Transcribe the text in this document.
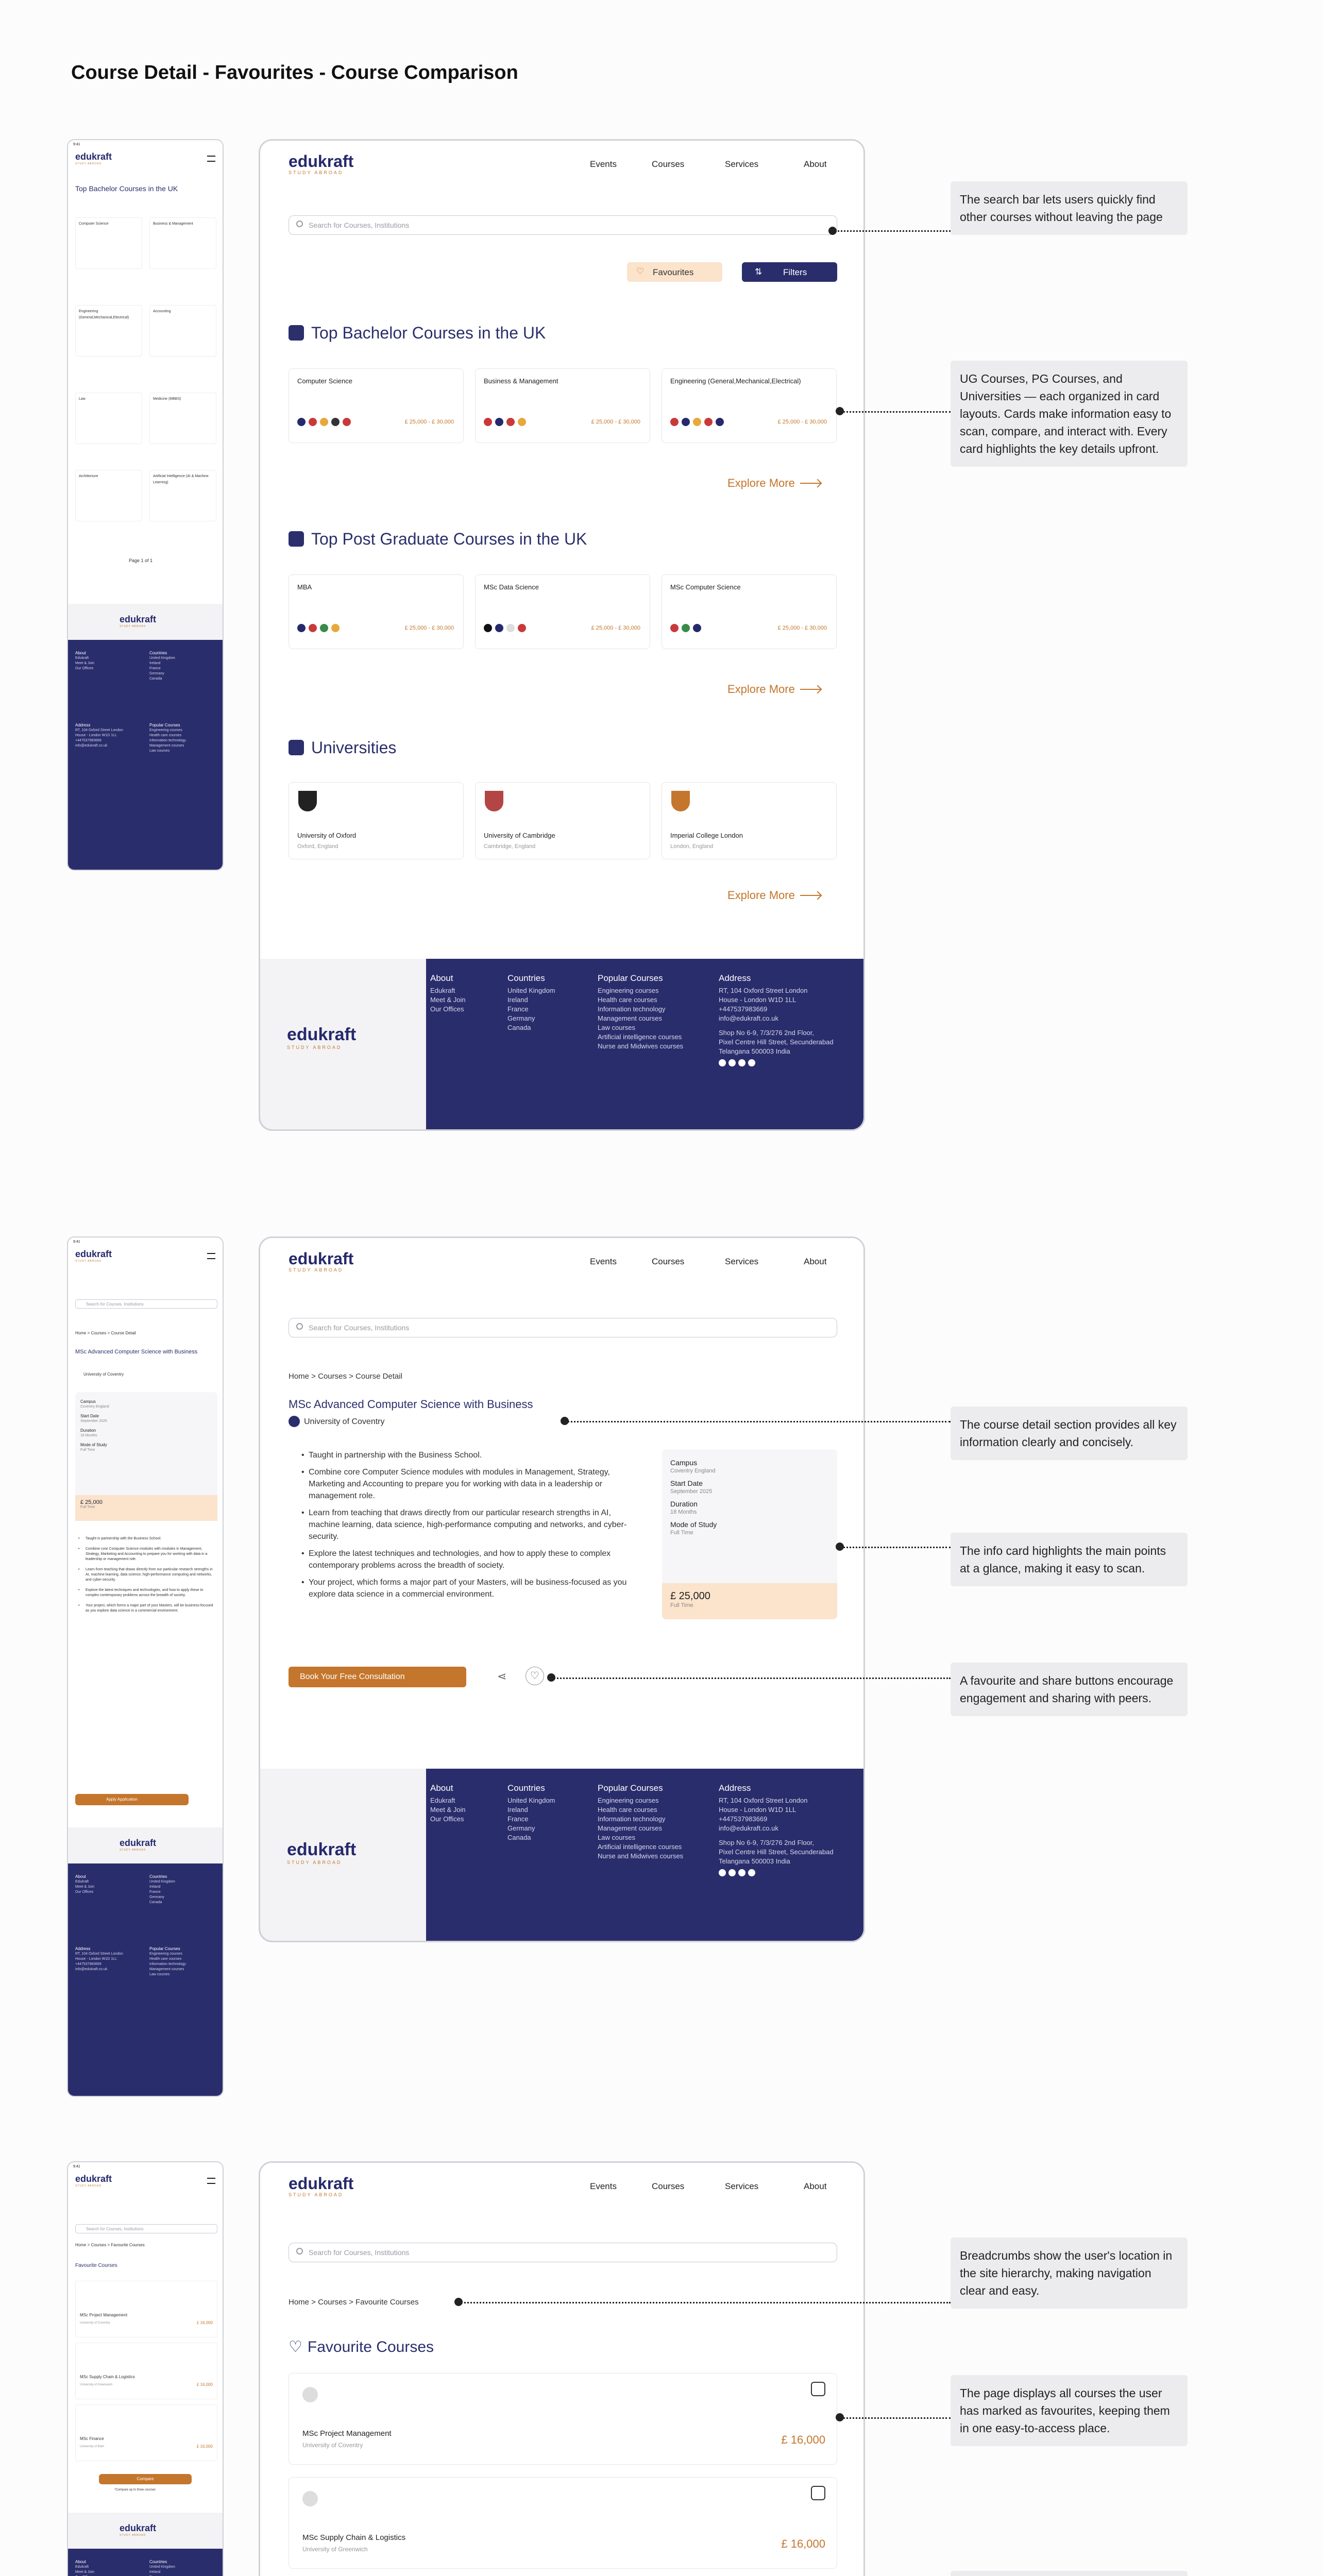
Course Detail - Favourites - Course Comparison
edukraft
STUDY ABROAD
Events	Courses	Services	About
Search for Courses, Institutions
♡ Favourites	⇅ Filters
Top Bachelor Courses in the UK
Computer Science
£ 25,000 - £ 30,000
Business & Management
£ 25,000 - £ 30,000
Engineering (General,Mechanical,Electrical)
£ 25,000 - £ 30,000
Explore More
Top Post Graduate Courses in the UK
MBA
£ 25,000 - £ 30,000
MSc Data Science
£ 25,000 - £ 30,000
MSc Computer Science
£ 25,000 - £ 30,000
Explore More
Universities
University of Oxford
Oxford, England
University of Cambridge
Cambridge, England
Imperial College London
London, England
Explore More
edukraft
STUDY ABROAD
About
Edukraft
Meet & Join
Our Offices
Countries
United Kingdom
Ireland
France
Germany
Canada
Popular Courses
Engineering courses
Health care courses
Information technology
Management courses
Law courses
Artificial intelligence courses
Nurse and Midwives courses
Address
RT, 104 Oxford Street London
House - London W1D 1LL
+447537983669
info@edukraft.co.uk
Shop No 6-9, 7/3/276 2nd Floor,
Pixel Centre Hill Street, Secunderabad
Telangana 500003 India
9:41
edukraft
STUDY ABROAD
Top Bachelor Courses in the UK
Computer Science	Business & Management
Engineering (General,Mechanical,Electrical)
Accounting
Law	Medicine (MBBS)
Architecture	Artificial Intelligence (AI & Machine Learning)
Page 1 of 1
edukraft
STUDY ABROAD
About
Edukraft
Meet & Join
Our Offices
Countries
United Kingdom
Ireland
France
Germany
Canada
Address
RT, 104 Oxford Street London
House - London W1D 1LL
+447537983669
info@edukraft.co.uk
Popular Courses
Engineering courses
Health care courses
Information technology
Management courses
Law courses
edukraft
STUDY ABROAD
Events	Courses	Services	About
Search for Courses, Institutions
Home > Courses > Course Detail
MSc Advanced Computer Science with Business
University of Coventry
• Taught in partnership with the Business School.
• Combine core Computer Science modules with modules in Management, Strategy, Marketing and Accounting to prepare you for working with data in a leadership or management role.
• Learn from teaching that draws directly from our particular research strengths in AI, machine learning, data science, high-performance computing and networks, and cyber-security.
• Explore the latest techniques and technologies, and how to apply these to complex contemporary problems across the breadth of society.
• Your project, which forms a major part of your Masters, will be business-focused as you explore data science in a commercial environment.
Campus
Coventry England
Start Date
September 2025
Duration
18 Months
Mode of Study
Full Time
£ 25,000
Full Time
Book Your Free Consultation	⋖	♡
edukraft
STUDY ABROAD
About
Edukraft
Meet & Join
Our Offices
Countries
United Kingdom
Ireland
France
Germany
Canada
Popular Courses
Engineering courses
Health care courses
Information technology
Management courses
Law courses
Artificial intelligence courses
Nurse and Midwives courses
Address
RT, 104 Oxford Street London
House - London W1D 1LL
+447537983669
info@edukraft.co.uk
Shop No 6-9, 7/3/276 2nd Floor,
Pixel Centre Hill Street, Secunderabad
Telangana 500003 India
9:41
edukraft
STUDY ABROAD
Search for Courses, Institutions
Home > Courses > Course Detail
MSc Advanced Computer Science with Business
University of Coventry
Campus
Coventry England
Start Date
September 2025
Duration
18 Months
Mode of Study
Full Time
£ 25,000
Full Time
• Taught in partnership with the Business School.
• Combine core Computer Science modules with modules in Management, Strategy, Marketing and Accounting to prepare you for working with data in a leadership or management role.
• Learn from teaching that draws directly from our particular research strengths in AI, machine learning, data science, high-performance computing and networks, and cyber-security.
• Explore the latest techniques and technologies, and how to apply these to complex contemporary problems across the breadth of society.
• Your project, which forms a major part of your Masters, will be business-focused as you explore data science in a commercial environment.
Apply Application
edukraft
STUDY ABROAD
About
Edukraft
Meet & Join
Our Offices
Countries
United Kingdom
Ireland
France
Germany
Canada
Address
RT, 104 Oxford Street London
House - London W1D 1LL
+447537983669
info@edukraft.co.uk
Popular Courses
Engineering courses
Health care courses
Information technology
Management courses
Law courses
edukraft
STUDY ABROAD
Events	Courses	Services	About
Search for Courses, Institutions
Home > Courses > Favourite Courses
♡ Favourite Courses
MSc Project Management
University of Coventry	£ 16,000
MSc Supply Chain & Logistics
University of Greenwich	£ 16,000
9:41
edukraft
STUDY ABROAD
Search for Courses, Institutions
Home > Courses > Favourite Courses
Favourite Courses
MSc Project Management
University of Coventry	£ 16,000
MSc Supply Chain & Logistics
University of Greenwich	£ 16,000
MSc Finance
University of Bath	£ 16,000
Compare
*Compare up to three courses
edukraft
STUDY ABROAD
About
Edukraft
Meet & Join
Countries
United Kingdom
Ireland

The search bar lets users quickly find other courses without leaving the page
UG Courses, PG Courses, and Universities — each organized in card layouts. Cards make information easy to scan, compare, and interact with. Every card highlights the key details upfront.
The course detail section provides all key information clearly and concisely.
The info card highlights the main points at a glance, making it easy to scan.
A favourite and share buttons encourage engagement and sharing with peers.
Breadcrumbs show the user's location in the site hierarchy, making navigation clear and easy.
The page displays all courses the user has marked as favourites, keeping them in one easy-to-access place.
